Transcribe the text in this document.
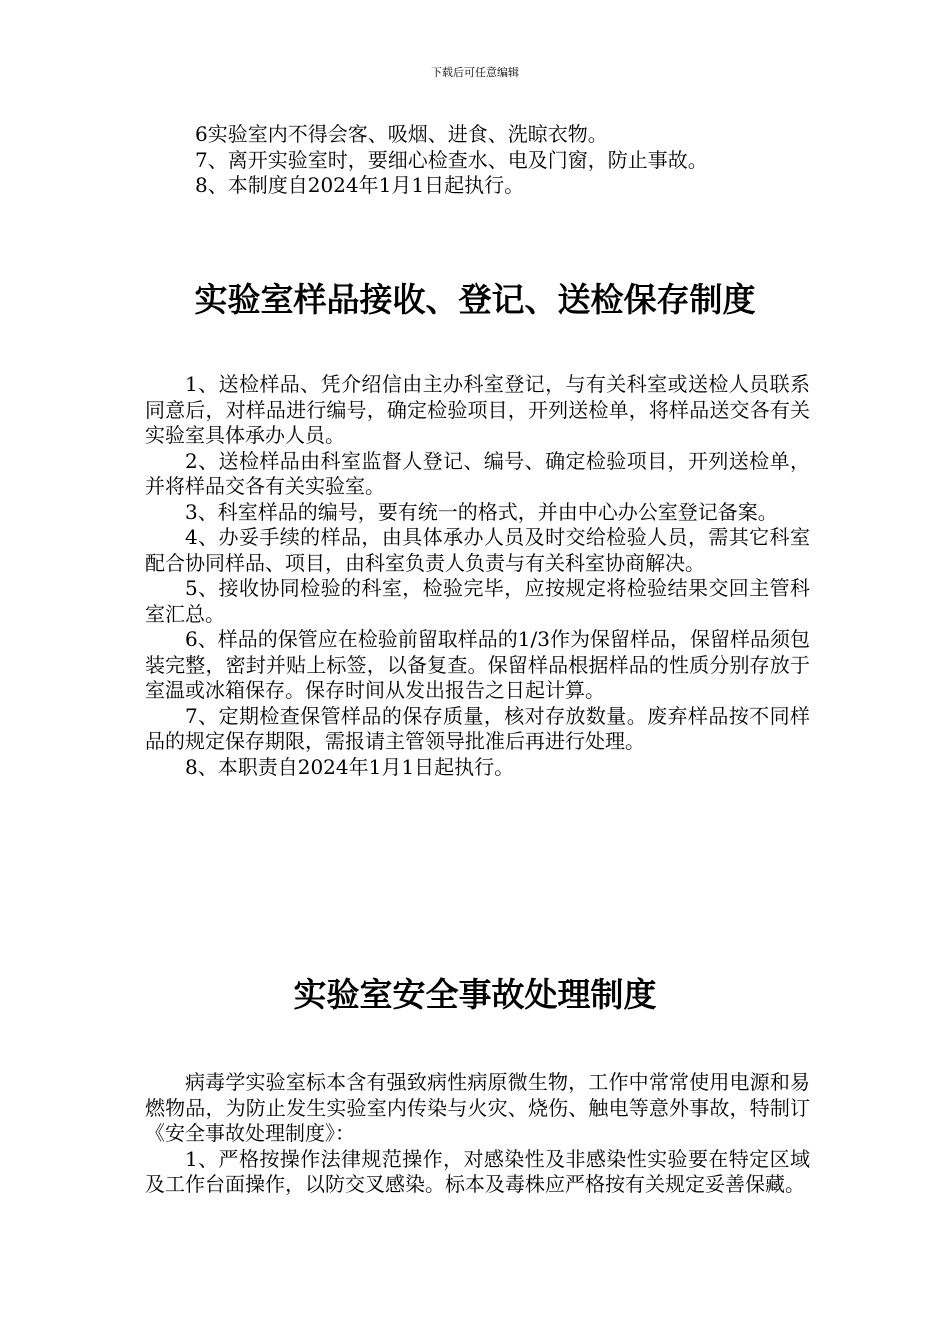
下载后可任意编辑

6实验室内不得会客、吸烟、进食、洗晾衣物。

7、离开实验室时，要细心检查水、电及门窗，防止事故。

8、本制度自2024年1月1日起执行。

实验室样品接收、登记、送检保存制度

1、送检样品、凭介绍信由主办科室登记，与有关科室或送检人员联系同意后，对样品进行编号，确定检验项目，开列送检单，将样品送交各有关实验室具体承办人员。

2、送检样品由科室监督人登记、编号、确定检验项目，开列送检单，并将样品交各有关实验室。

3、科室样品的编号，要有统一的格式，并由中心办公室登记备案。

4、办妥手续的样品，由具体承办人员及时交给检验人员，需其它科室配合协同样品、项目，由科室负责人负责与有关科室协商解决。

5、接收协同检验的科室，检验完毕，应按规定将检验结果交回主管科室汇总。

6、样品的保管应在检验前留取样品的1/3作为保留样品，保留样品须包装完整，密封并贴上标签，以备复查。保留样品根据样品的性质分别存放于室温或冰箱保存。保存时间从发出报告之日起计算。

7、定期检查保管样品的保存质量，核对存放数量。废弃样品按不同样品的规定保存期限，需报请主管领导批准后再进行处理。

8、本职责自2024年1月1日起执行。

实验室安全事故处理制度

病毒学实验室标本含有强致病性病原微生物，工作中常常使用电源和易燃物品，为防止发生实验室内传染与火灾、烧伤、触电等意外事故，特制订《安全事故处理制度》：

1、严格按操作法律规范操作，对感染性及非感染性实验要在特定区域及工作台面操作，以防交叉感染。标本及毒株应严格按有关规定妥善保藏。
